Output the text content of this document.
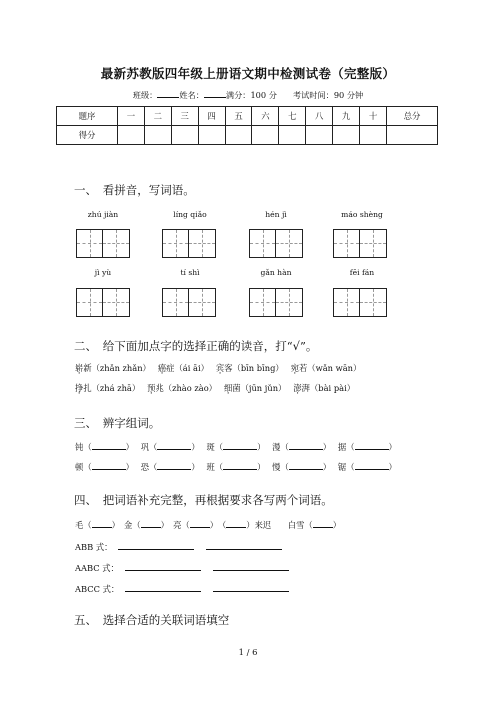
最新苏教版四年级上册语文期中检测试卷（完整版）
班级：	姓名：	满分：100 分 考试时间：90 分钟
题序	一	二	三	四	五	六	七	八	九	十	总分
得分											
一、　看拼音，写词语。
zhú jiàn	líng qiǎo	hén jì	máo shèng
jì yù	tí shì	gǎn hàn	fēi fán
二、　给下面加点字的选择正确的读音，打“√”。
崭新（zhǎn zhǎn） 癌症（ái āi） 宾客（bīn bīng） 宛若（wǎn wān）
挣扎（zhá zhā） 预兆（zhào zào） 细菌（jūn jǔn） 澎湃（bài pài）
三、　辨字组词。
钝（	）　 巩（	）　 斑（	）　 漫（	）　 据（	）
顿（	）　 恐（	）　 班（	）　 慢（	）　 锯（	）
四、　把词语补充完整，再根据要求各写两个词语。
毛（ ）　金（ ）　亮（ ）　（ ）来迟　　白雪（ ）
ABB 式：
AABC 式：
ABCC 式：
五、　选择合适的关联词语填空
1 / 6
